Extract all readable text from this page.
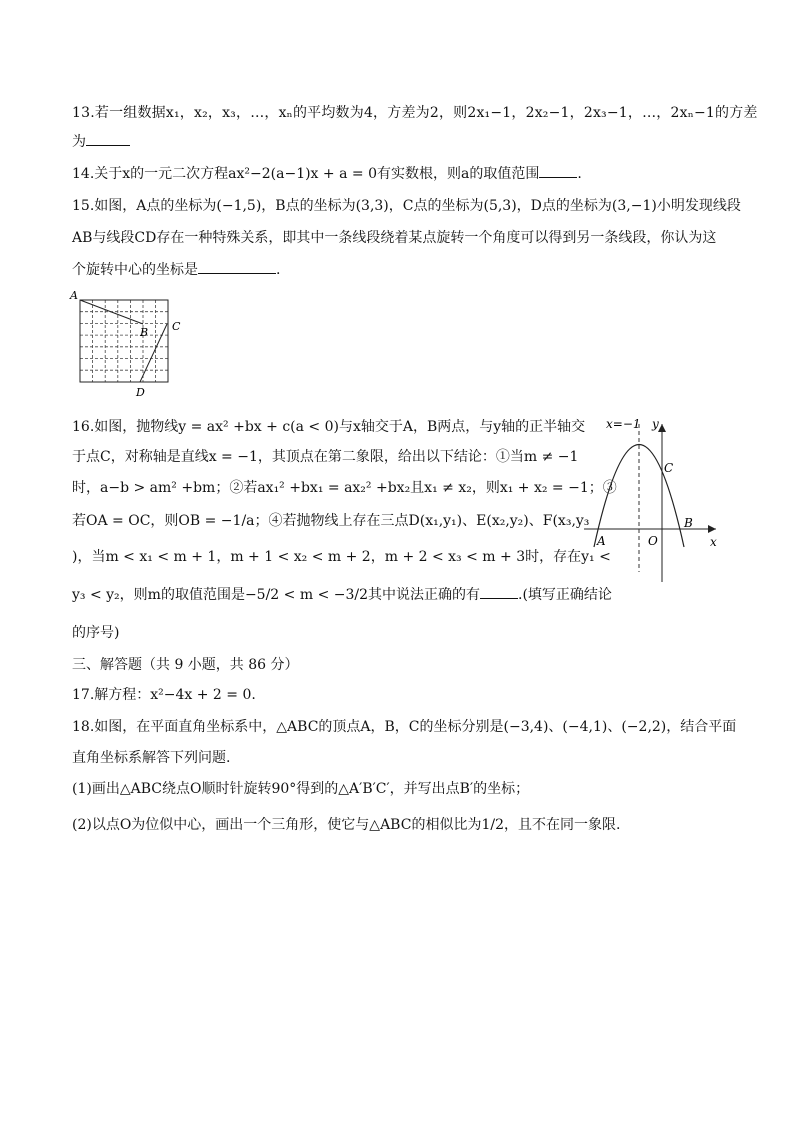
13.若一组数据x₁，x₂，x₃，…，xₙ的平均数为4，方差为2，则2x₁−1，2x₂−1，2x₃−1，…，2xₙ−1的方差
为
14.关于x的一元二次方程ax²−2(a−1)x + a = 0有实数根，则a的取值范围	.
15.如图，A点的坐标为(−1,5)，B点的坐标为(3,3)，C点的坐标为(5,3)，D点的坐标为(3,−1)小明发现线段
AB与线段CD存在一种特殊关系，即其中一条线段绕着某点旋转一个角度可以得到另一条线段，你认为这
个旋转中心的坐标是	.
A
B C
D
16.如图，抛物线y = ax² +bx + c(a < 0)与x轴交于A，B两点，与y轴的正半轴交
于点C，对称轴是直线x = −1，其顶点在第二象限，给出以下结论：①当m ≠ −1
时，a−b > am² +bm；②若ax₁² +bx₁ = ax₂² +bx₂且x₁ ≠ x₂，则x₁ + x₂ = −1；③
若OA = OC，则OB = −1/a；④若抛物线上存在三点D(x₁,y₁)、E(x₂,y₂)、F(x₃,y₃
)，当m < x₁ < m + 1，m + 1 < x₂ < m + 2，m + 2 < x₃ < m + 3时，存在y₁ <
y₃ < y₂，则m的取值范围是−5/2 < m < −3/2其中说法正确的有	.(填写正确结论
的序号)
x=−1 y
x
A	O
B
C
三、解答题（共 9 小题，共 86 分）
17.解方程：x²−4x + 2 = 0.
18.如图，在平面直角坐标系中，△ABC的顶点A，B，C的坐标分别是(−3,4)、(−4,1)、(−2,2)，结合平面
直角坐标系解答下列问题.
(1)画出△ABC绕点O顺时针旋转90°得到的△A′B′C′，并写出点B′的坐标；
(2)以点O为位似中心，画出一个三角形，使它与△ABC的相似比为1/2，且不在同一象限.
